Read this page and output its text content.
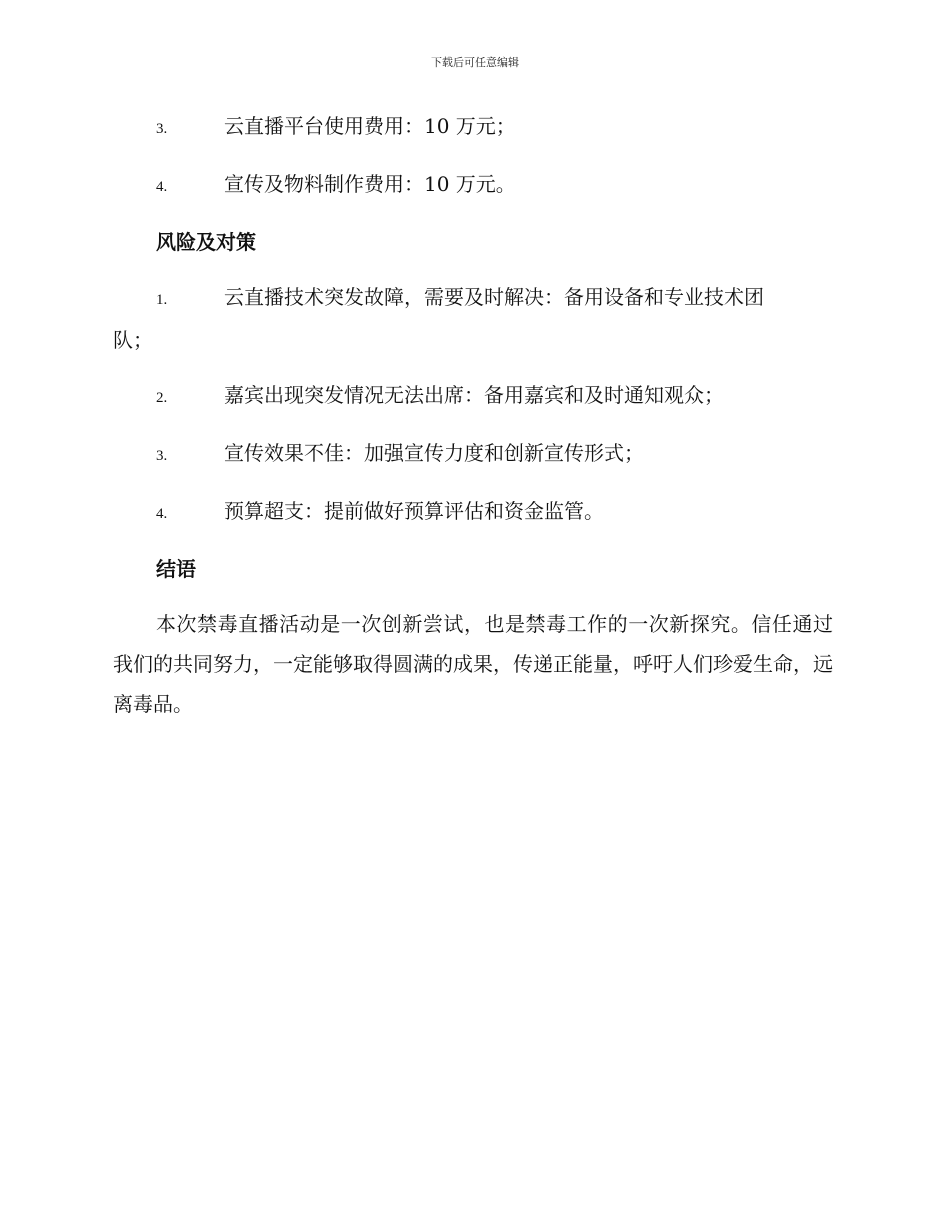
下载后可任意编辑
3.	云直播平台使用费用：10 万元；
4.	宣传及物料制作费用：10 万元。
风险及对策
1.	云直播技术突发故障，需要及时解决：备用设备和专业技术团
队；
2.	嘉宾出现突发情况无法出席：备用嘉宾和及时通知观众；
3.	宣传效果不佳：加强宣传力度和创新宣传形式；
4.	预算超支：提前做好预算评估和资金监管。
结语
本次禁毒直播活动是一次创新尝试，也是禁毒工作的一次新探究。信任通过我们的共同努力，一定能够取得圆满的成果，传递正能量，呼吁人们珍爱生命，远离毒品。
